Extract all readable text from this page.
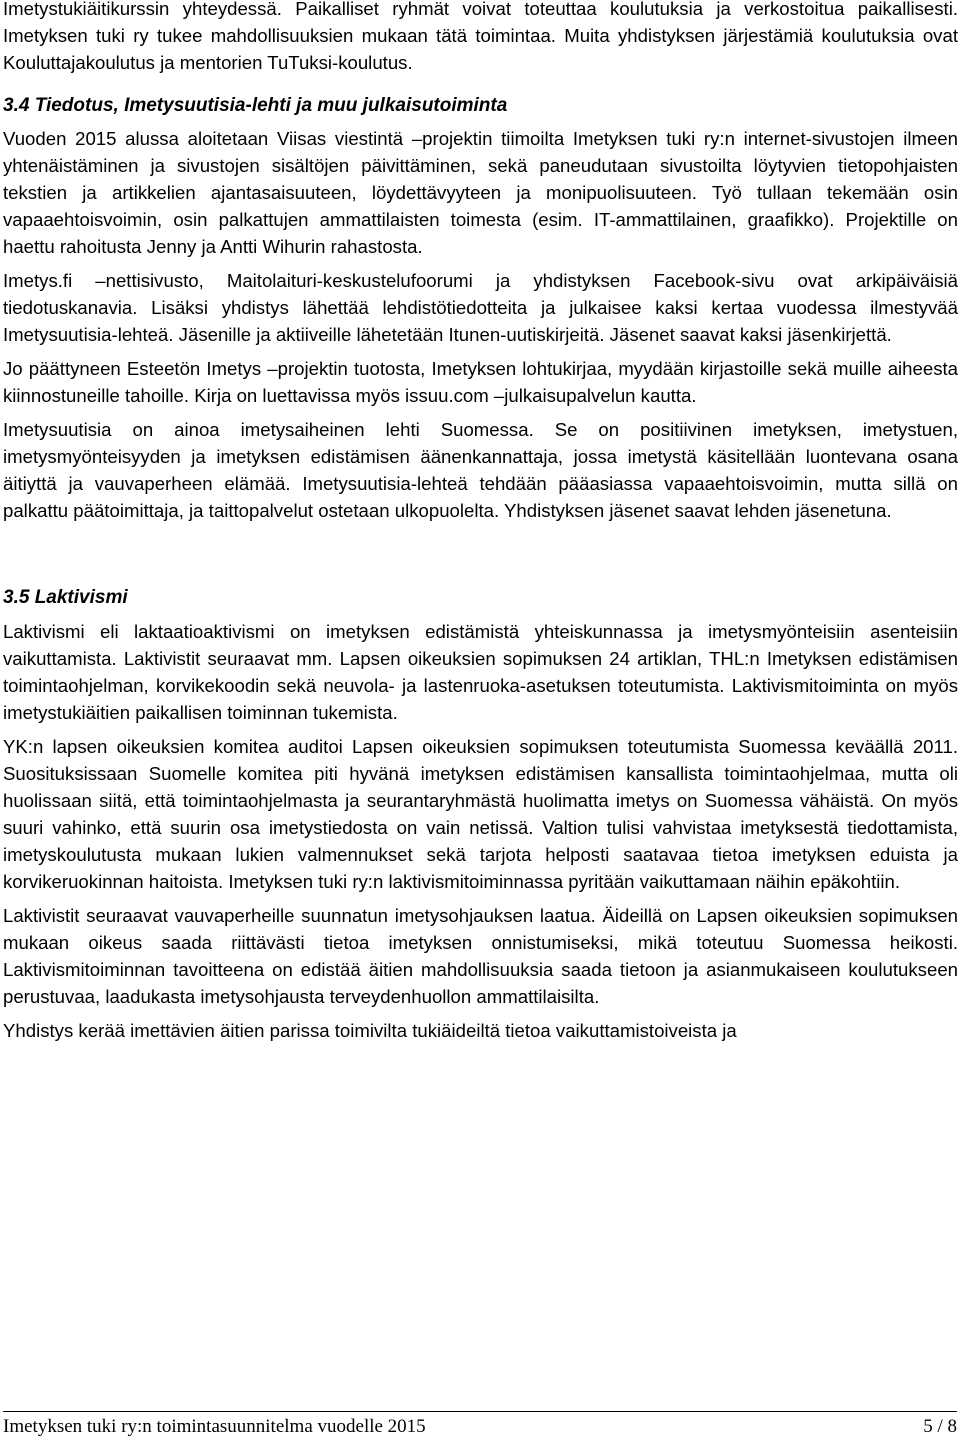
Imetystukiäitikurssin yhteydessä. Paikalliset ryhmät voivat toteuttaa koulutuksia ja verkostoitua paikallisesti. Imetyksen tuki ry tukee mahdollisuuksien mukaan tätä toimintaa. Muita yhdistyksen järjestämiä koulutuksia ovat Kouluttajakoulutus ja mentorien TuTuksi-koulutus.

3.4 Tiedotus, Imetysuutisia-lehti ja muu julkaisutoiminta

Vuoden 2015 alussa aloitetaan Viisas viestintä –projektin tiimoilta Imetyksen tuki ry:n internet-sivustojen ilmeen yhtenäistäminen ja sivustojen sisältöjen päivittäminen, sekä paneudutaan sivustoilta löytyvien tietopohjaisten tekstien ja artikkelien ajantasaisuuteen, löydettävyyteen ja monipuolisuuteen. Työ tullaan tekemään osin vapaaehtoisvoimin, osin palkattujen ammattilaisten toimesta (esim. IT-ammattilainen, graafikko). Projektille on haettu rahoitusta Jenny ja Antti Wihurin rahastosta.

Imetys.fi –nettisivusto, Maitolaituri-keskustelufoorumi ja yhdistyksen Facebook-sivu ovat arkipäiväisiä tiedotuskanavia. Lisäksi yhdistys lähettää lehdistötiedotteita ja julkaisee kaksi kertaa vuodessa ilmestyvää Imetysuutisia-lehteä. Jäsenille ja aktiiveille lähetetään Itunen-uutiskirjeitä. Jäsenet saavat kaksi jäsenkirjettä.

Jo päättyneen Esteetön Imetys –projektin tuotosta, Imetyksen lohtukirjaa, myydään kirjastoille sekä muille aiheesta kiinnostuneille tahoille. Kirja on luettavissa myös issuu.com –julkaisupalvelun kautta.

Imetysuutisia on ainoa imetysaiheinen lehti Suomessa. Se on positiivinen imetyksen, imetystuen, imetysmyönteisyyden ja imetyksen edistämisen äänenkannattaja, jossa imetystä käsitellään luontevana osana äitiyttä ja vauvaperheen elämää. Imetysuutisia-lehteä tehdään pääasiassa vapaaehtoisvoimin, mutta sillä on palkattu päätoimittaja, ja taittopalvelut ostetaan ulkopuolelta. Yhdistyksen jäsenet saavat lehden jäsenetuna.

3.5 Laktivismi

Laktivismi eli laktaatioaktivismi on imetyksen edistämistä yhteiskunnassa ja imetysmyönteisiin asenteisiin vaikuttamista. Laktivistit seuraavat mm. Lapsen oikeuksien sopimuksen 24 artiklan, THL:n Imetyksen edistämisen toimintaohjelman, korvikekoodin sekä neuvola- ja lastenruoka-asetuksen toteutumista. Laktivismitoiminta on myös imetystukiäitien paikallisen toiminnan tukemista.

YK:n lapsen oikeuksien komitea auditoi Lapsen oikeuksien sopimuksen toteutumista Suomessa keväällä 2011. Suosituksissaan Suomelle komitea piti hyvänä imetyksen edistämisen kansallista toimintaohjelmaa, mutta oli huolissaan siitä, että toimintaohjelmasta ja seurantaryhmästä huolimatta imetys on Suomessa vähäistä. On myös suuri vahinko, että suurin osa imetystiedosta on vain netissä. Valtion tulisi vahvistaa imetyksestä tiedottamista, imetyskoulutusta mukaan lukien valmennukset sekä tarjota helposti saatavaa tietoa imetyksen eduista ja korvikeruokinnan haitoista. Imetyksen tuki ry:n laktivismitoiminnassa pyritään vaikuttamaan näihin epäkohtiin.

Laktivistit seuraavat vauvaperheille suunnatun imetysohjauksen laatua. Äideillä on Lapsen oikeuksien sopimuksen mukaan oikeus saada riittävästi tietoa imetyksen onnistumiseksi, mikä toteutuu Suomessa heikosti. Laktivismitoiminnan tavoitteena on edistää äitien mahdollisuuksia saada tietoon ja asianmukaiseen koulutukseen perustuvaa, laadukasta imetysohjausta terveydenhuollon ammattilaisilta.

Yhdistys kerää imettävien äitien parissa toimivilta tukiäideiltä tietoa vaikuttamistoiveista ja

Imetyksen tuki ry:n toimintasuunnitelma vuodelle 2015	5 / 8
